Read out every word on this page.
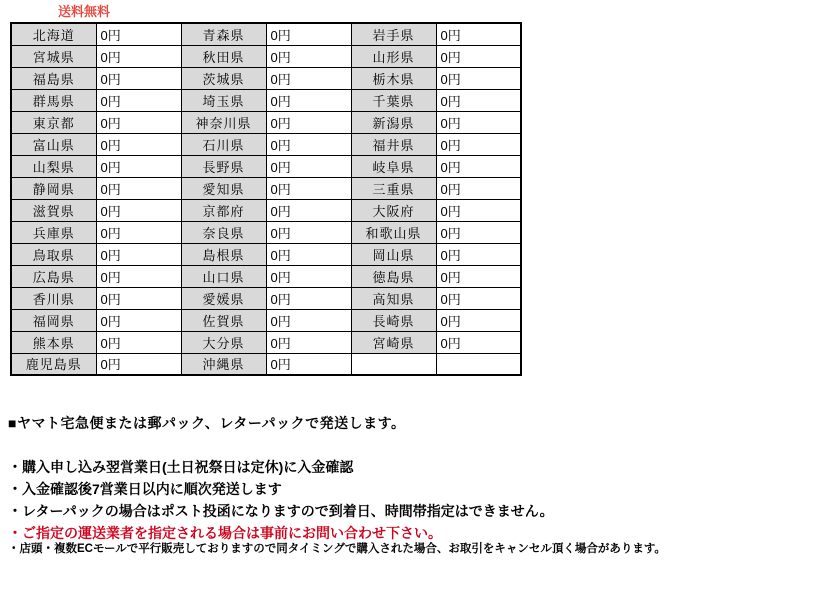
送料無料
北海道	0円	青森県	0円	岩手県	0円
宮城県	0円	秋田県	0円	山形県	0円
福島県	0円	茨城県	0円	栃木県	0円
群馬県	0円	埼玉県	0円	千葉県	0円
東京都	0円	神奈川県	0円	新潟県	0円
富山県	0円	石川県	0円	福井県	0円
山梨県	0円	長野県	0円	岐阜県	0円
静岡県	0円	愛知県	0円	三重県	0円
滋賀県	0円	京都府	0円	大阪府	0円
兵庫県	0円	奈良県	0円	和歌山県	0円
鳥取県	0円	島根県	0円	岡山県	0円
広島県	0円	山口県	0円	徳島県	0円
香川県	0円	愛媛県	0円	高知県	0円
福岡県	0円	佐賀県	0円	長崎県	0円
熊本県	0円	大分県	0円	宮崎県	0円
鹿児島県	0円	沖縄県	0円		
■ヤマト宅急便または郵パック、レターパックで発送します。
・購入申し込み翌営業日(土日祝祭日は定休)に入金確認
・入金確認後7営業日以内に順次発送します
・レターパックの場合はポスト投函になりますので到着日、時間帯指定はできません。
・ご指定の運送業者を指定される場合は事前にお問い合わせ下さい。
・店頭・複数ECモールで平行販売しておりますので同タイミングで購入された場合、お取引をキャンセル頂く場合があります。
